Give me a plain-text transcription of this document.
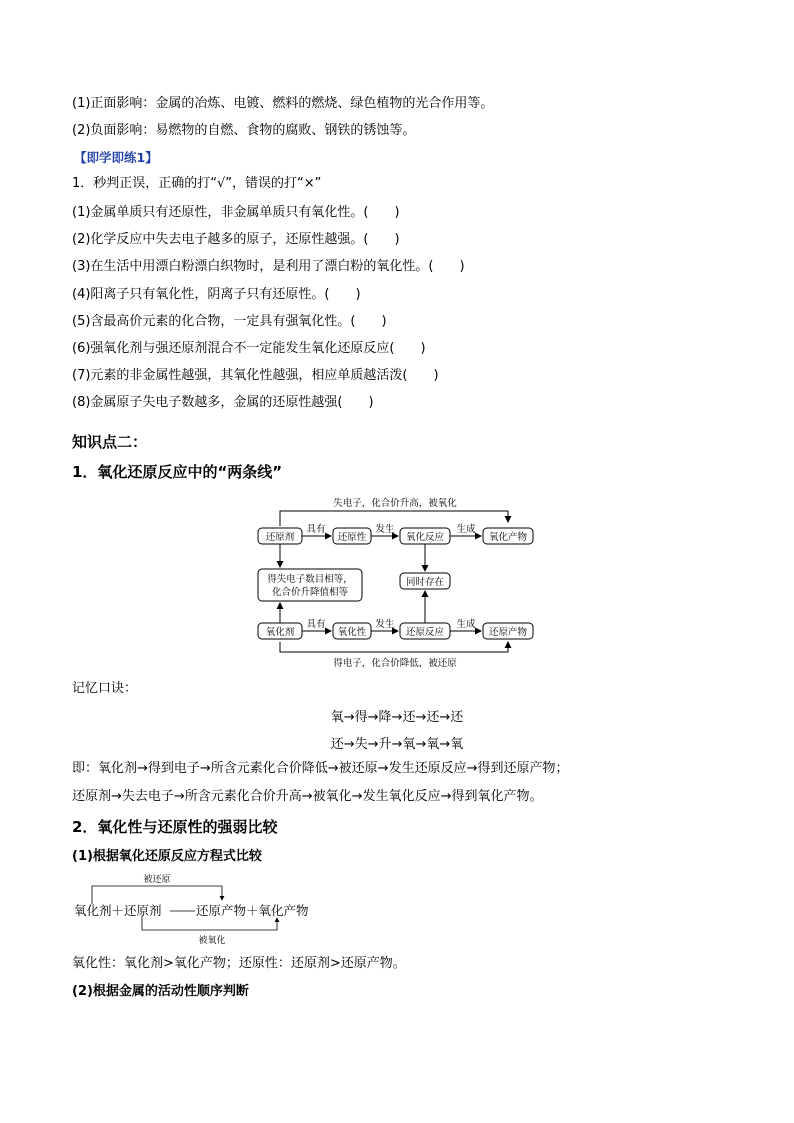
(1)正面影响：金属的冶炼、电镀、燃料的燃烧、绿色植物的光合作用等。
(2)负面影响：易燃物的自燃、食物的腐败、钢铁的锈蚀等。
【即学即练1】
1．秒判正误，正确的打“√”，错误的打“×”
(1)金属单质只有还原性，非金属单质只有氧化性。(　　)
(2)化学反应中失去电子越多的原子，还原性越强。(　　)
(3)在生活中用漂白粉漂白织物时，是利用了漂白粉的氧化性。(　　)
(4)阳离子只有氧化性，阴离子只有还原性。(　　)
(5)含最高价元素的化合物，一定具有强氧化性。(　　)
(6)强氧化剂与强还原剂混合不一定能发生氧化还原反应(　　)
(7)元素的非金属性越强，其氧化性越强，相应单质越活泼(　　)
(8)金属原子失电子数越多，金属的还原性越强(　　)
知识点二：
1．氧化还原反应中的“两条线”
失电子，化合价升高，被氧化
得电子，化合价降低，被还原
还原剂	还原性	氧化反应	氧化产物
氧化剂	氧化性	还原反应	还原产物
具有	发生	生成
具有	发生	生成
得失电子数目相等，
化合价升降值相等
同时存在
记忆口诀：
氧→得→降→还→还→还
还→失→升→氧→氧→氧
即：氧化剂→得到电子→所含元素化合价降低→被还原→发生还原反应→得到还原产物；
还原剂→失去电子→所含元素化合价升高→被氧化→发生氧化反应→得到氧化产物。
2．氧化性与还原性的强弱比较
(1)根据氧化还原反应方程式比较
被还原
被氧化
氧化剂＋还原剂	还原产物＋氧化产物
氧化性：氧化剂>氧化产物；还原性：还原剂>还原产物。
(2)根据金属的活动性顺序判断
